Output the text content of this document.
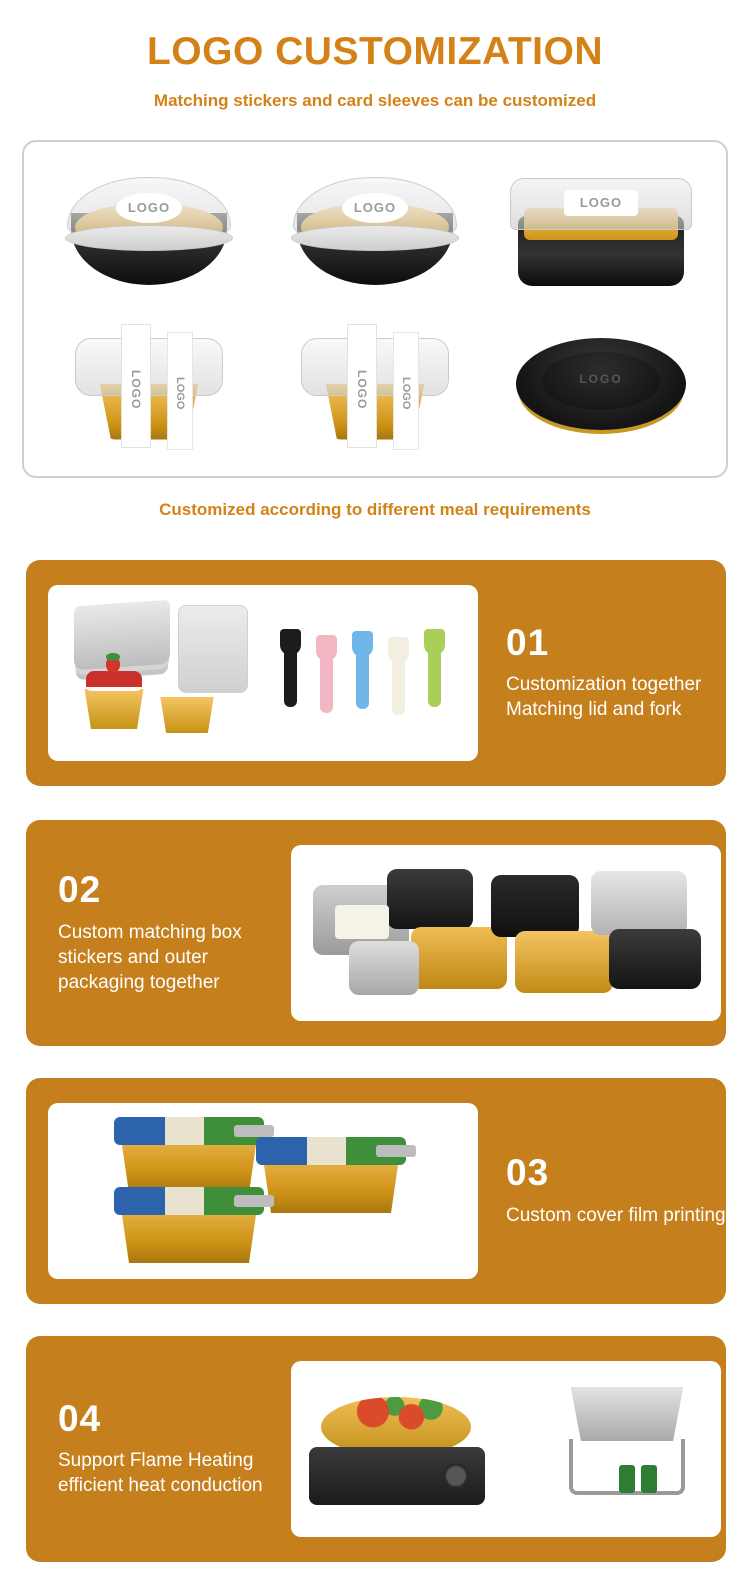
LOGO CUSTOMIZATION
Matching stickers and card sleeves can be customized
LOGO	LOGO	LOGO
LOGO	LOGO	LOGO	LOGO	LOGO
Customized according to different meal requirements
01
Customization together Matching lid and fork
02
Custom matching box stickers and outer packaging together
03
Custom cover film printing
04
Support Flame Heating efficient heat conduction
